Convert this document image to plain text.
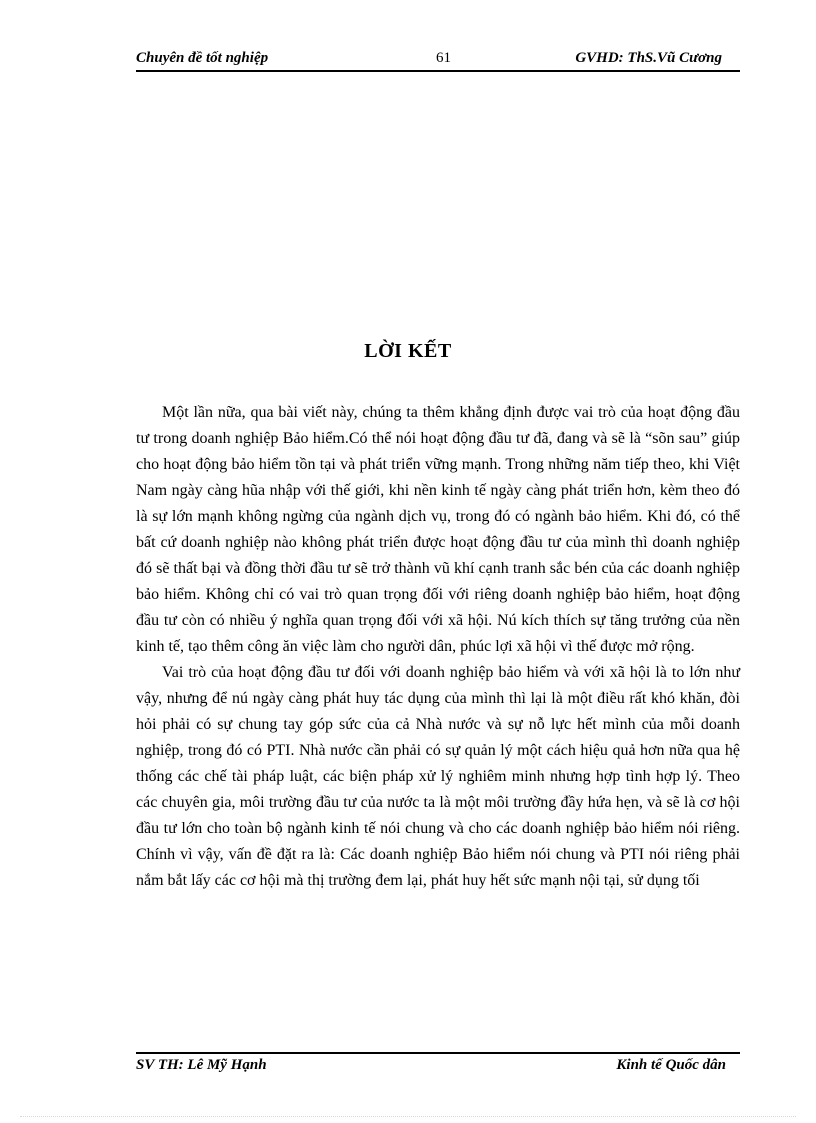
Chuyên đề tốt nghiệp	61	GVHD: ThS.Vũ Cương
LỜI KẾT

Một lần nữa, qua bài viết này, chúng ta thêm khẳng định được vai trò của hoạt động đầu tư trong doanh nghiệp Bảo hiểm.Có thể nói hoạt động đầu tư đã, đang và sẽ là “sõn sau” giúp cho hoạt động bảo hiểm tồn tại và phát triển vững mạnh. Trong những năm tiếp theo, khi Việt Nam ngày càng hũa nhập với thế giới, khi nền kinh tế ngày càng phát triển hơn, kèm theo đó là sự lớn mạnh không ngừng của ngành dịch vụ, trong đó có ngành bảo hiểm. Khi đó, có thể bất cứ doanh nghiệp nào không phát triển được hoạt động đầu tư của mình thì doanh nghiệp đó sẽ thất bại và đồng thời đầu tư sẽ trở thành vũ khí cạnh tranh sắc bén của các doanh nghiệp bảo hiểm. Không chỉ có vai trò quan trọng đối với riêng doanh nghiệp bảo hiểm, hoạt động đầu tư còn có nhiều ý nghĩa quan trọng đối với xã hội. Nú kích thích sự tăng trưởng của nền kinh tế, tạo thêm công ăn việc làm cho người dân, phúc lợi xã hội vì thế được mở rộng.

Vai trò của hoạt động đầu tư đối với doanh nghiệp bảo hiểm và với xã hội là to lớn như vậy, nhưng để nú ngày càng phát huy tác dụng của mình thì lại là một điều rất khó khăn, đòi hỏi phải có sự chung tay góp sức của cả Nhà nước và sự nỗ lực hết mình của mỗi doanh nghiệp, trong đó có PTI. Nhà nước cần phải có sự quản lý một cách hiệu quả hơn nữa qua hệ thống các chế tài pháp luật, các biện pháp xử lý nghiêm minh nhưng hợp tình hợp lý. Theo các chuyên gia, môi trường đầu tư của nước ta là một môi trường đầy hứa hẹn, và sẽ là cơ hội đầu tư lớn cho toàn bộ ngành kinh tế nói chung và cho các doanh nghiệp bảo hiểm nói riêng. Chính vì vậy, vấn đề đặt ra là: Các doanh nghiệp Bảo hiểm nói chung và PTI nói riêng phải nắm bắt lấy các cơ hội mà thị trường đem lại, phát huy hết sức mạnh nội tại, sử dụng tối

SV TH: Lê Mỹ Hạnh	Kinh tế Quốc dân
